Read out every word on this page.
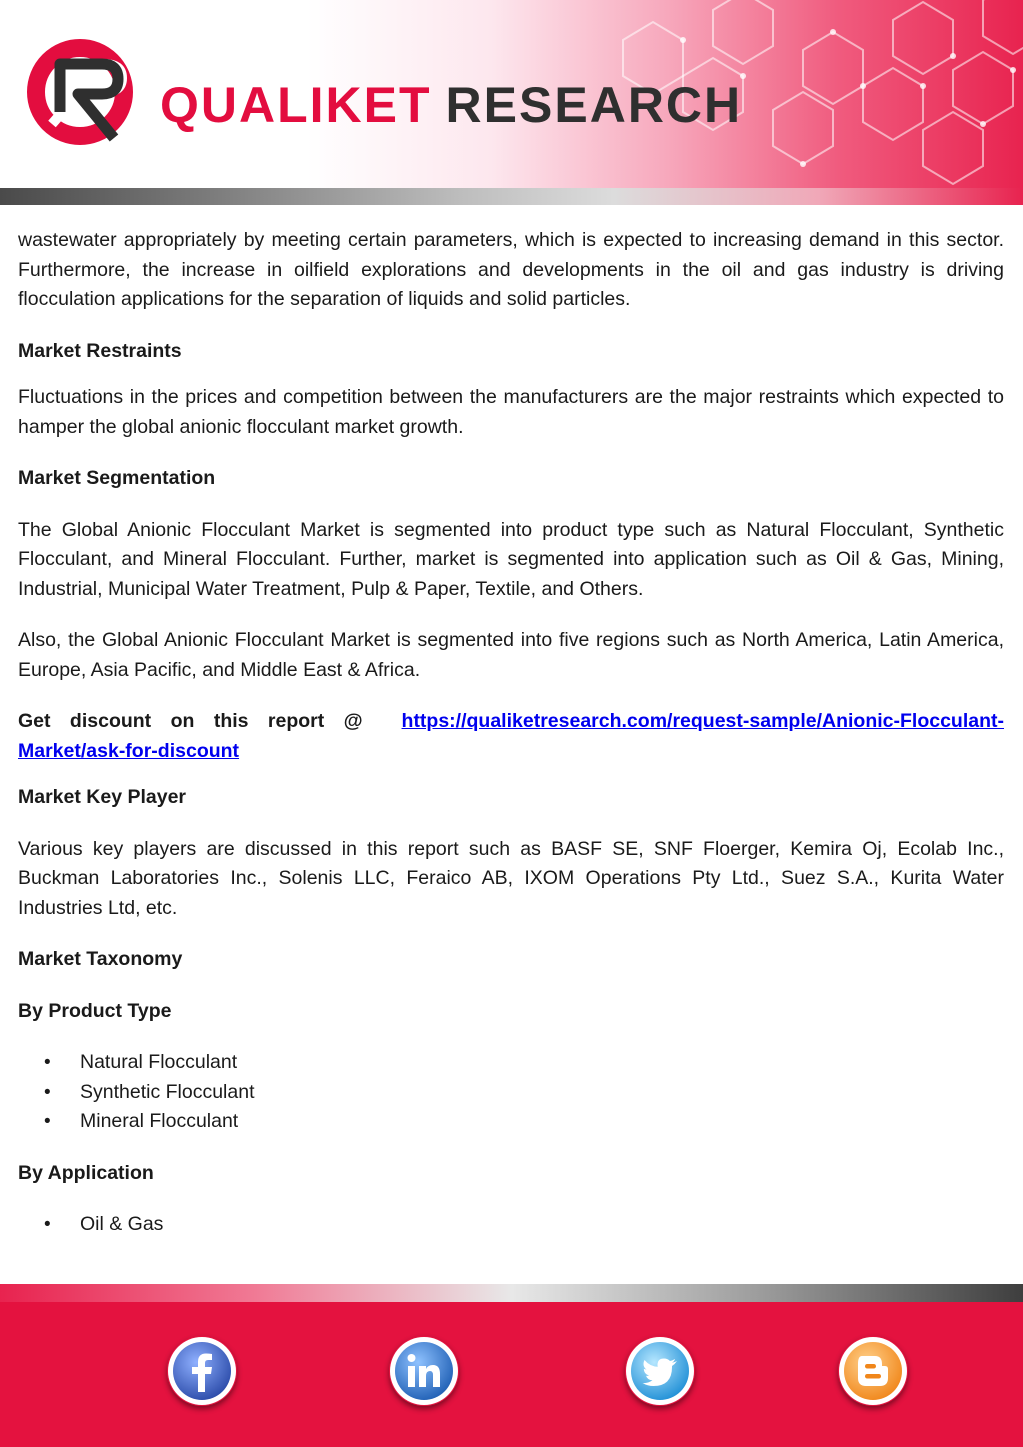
QUALIKET RESEARCH

wastewater appropriately by meeting certain parameters, which is expected to increasing demand in this sector. Furthermore, the increase in oilfield explorations and developments in the oil and gas industry is driving flocculation applications for the separation of liquids and solid particles.

Market Restraints

Fluctuations in the prices and competition between the manufacturers are the major restraints which expected to hamper the global anionic flocculant market growth.

Market Segmentation

The Global Anionic Flocculant Market is segmented into product type such as Natural Flocculant, Synthetic Flocculant, and Mineral Flocculant. Further, market is segmented into application such as Oil & Gas, Mining, Industrial, Municipal Water Treatment, Pulp & Paper, Textile, and Others.

Also, the Global Anionic Flocculant Market is segmented into five regions such as North America, Latin America, Europe, Asia Pacific, and Middle East & Africa.

Get discount on this report @ https://qualiketresearch.com/request-sample/Anionic-Flocculant-Market/ask-for-discount

Market Key Player

Various key players are discussed in this report such as BASF SE, SNF Floerger, Kemira Oj, Ecolab Inc., Buckman Laboratories Inc., Solenis LLC, Feraico AB, IXOM Operations Pty Ltd., Suez S.A., Kurita Water Industries Ltd, etc.

Market Taxonomy

By Product Type

• Natural Flocculant
• Synthetic Flocculant
• Mineral Flocculant

By Application

• Oil & Gas
